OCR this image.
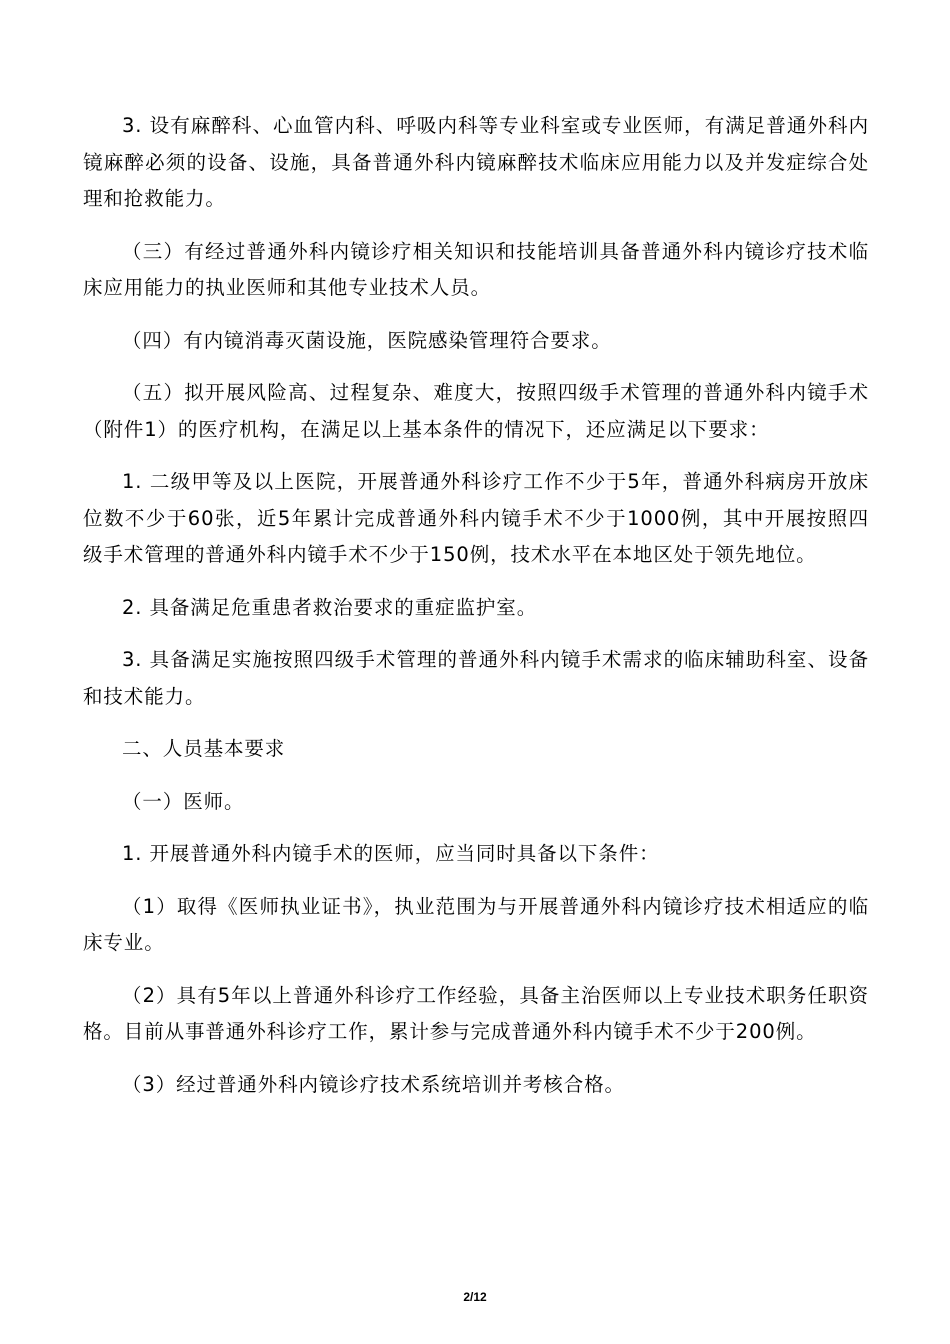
3. 设有麻醉科、心血管内科、呼吸内科等专业科室或专业医师，有满足普通外科内镜麻醉必须的设备、设施，具备普通外科内镜麻醉技术临床应用能力以及并发症综合处理和抢救能力。

（三）有经过普通外科内镜诊疗相关知识和技能培训具备普通外科内镜诊疗技术临床应用能力的执业医师和其他专业技术人员。

（四）有内镜消毒灭菌设施，医院感染管理符合要求。

（五）拟开展风险高、过程复杂、难度大，按照四级手术管理的普通外科内镜手术（附件1）的医疗机构，在满足以上基本条件的情况下，还应满足以下要求：

1. 二级甲等及以上医院，开展普通外科诊疗工作不少于5年，普通外科病房开放床位数不少于60张，近5年累计完成普通外科内镜手术不少于1000例，其中开展按照四级手术管理的普通外科内镜手术不少于150例，技术水平在本地区处于领先地位。

2. 具备满足危重患者救治要求的重症监护室。

3. 具备满足实施按照四级手术管理的普通外科内镜手术需求的临床辅助科室、设备和技术能力。

二、人员基本要求

（一）医师。

1. 开展普通外科内镜手术的医师，应当同时具备以下条件：

（1）取得《医师执业证书》，执业范围为与开展普通外科内镜诊疗技术相适应的临床专业。

（2）具有5年以上普通外科诊疗工作经验，具备主治医师以上专业技术职务任职资格。目前从事普通外科诊疗工作，累计参与完成普通外科内镜手术不少于200例。

（3）经过普通外科内镜诊疗技术系统培训并考核合格。

2/12
